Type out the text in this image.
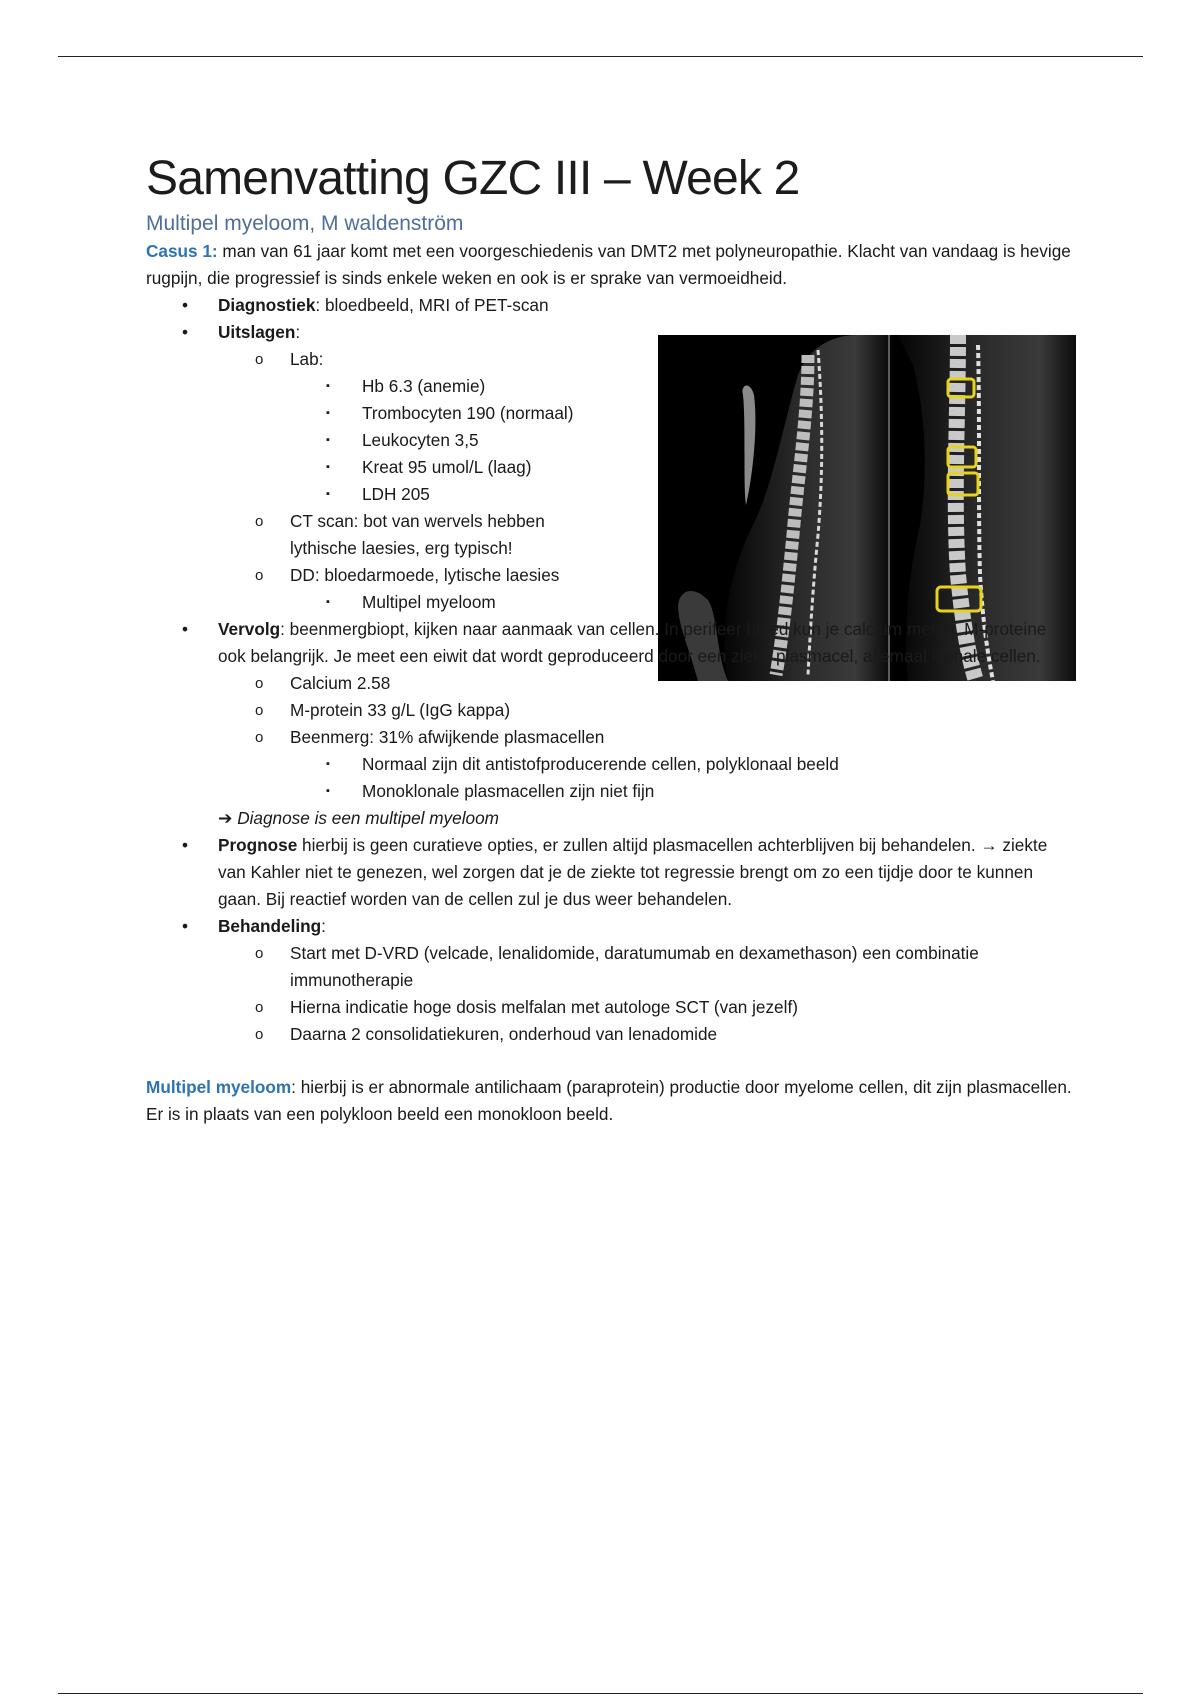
Samenvatting GZC III – Week 2
Multipel myeloom, M waldenström

Casus 1: man van 61 jaar komt met een voorgeschiedenis van DMT2 met polyneuropathie. Klacht van vandaag is hevige rugpijn, die progressief is sinds enkele weken en ook is er sprake van vermoeidheid.

• Diagnostiek: bloedbeeld, MRI of PET-scan
• Uitslagen:
o Lab:
▪ Hb 6.3 (anemie)
▪ Trombocyten 190 (normaal)
▪ Leukocyten 3,5
▪ Kreat 95 umol/L (laag)
▪ LDH 205
o CT scan: bot van wervels hebben lythische laesies, erg typisch!
o DD: bloedarmoede, lytische laesies
▪ Multipel myeloom
• Vervolg: beenmergbiopt, kijken naar aanmaak van cellen. In perifeer bloed kun je calcium meten, M-proteine ook belangrijk. Je meet een eiwit dat wordt geproduceerd door een zieke plasmacel, allemaal klonale cellen.
o Calcium 2.58
o M-protein 33 g/L (IgG kappa)
o Beenmerg: 31% afwijkende plasmacellen
▪ Normaal zijn dit antistofproducerende cellen, polyklonaal beeld
▪ Monoklonale plasmacellen zijn niet fijn
➔ Diagnose is een multipel myeloom
• Prognose hierbij is geen curatieve opties, er zullen altijd plasmacellen achterblijven bij behandelen. → ziekte van Kahler niet te genezen, wel zorgen dat je de ziekte tot regressie brengt om zo een tijdje door te kunnen gaan. Bij reactief worden van de cellen zul je dus weer behandelen.
• Behandeling:
o Start met D-VRD (velcade, lenalidomide, daratumumab en dexamethason) een combinatie immunotherapie
o Hierna indicatie hoge dosis melfalan met autologe SCT (van jezelf)
o Daarna 2 consolidatiekuren, onderhoud van lenadomide

Multipel myeloom: hierbij is er abnormale antilichaam (paraprotein) productie door myelome cellen, dit zijn plasmacellen. Er is in plaats van een polykloon beeld een monokloon beeld.
